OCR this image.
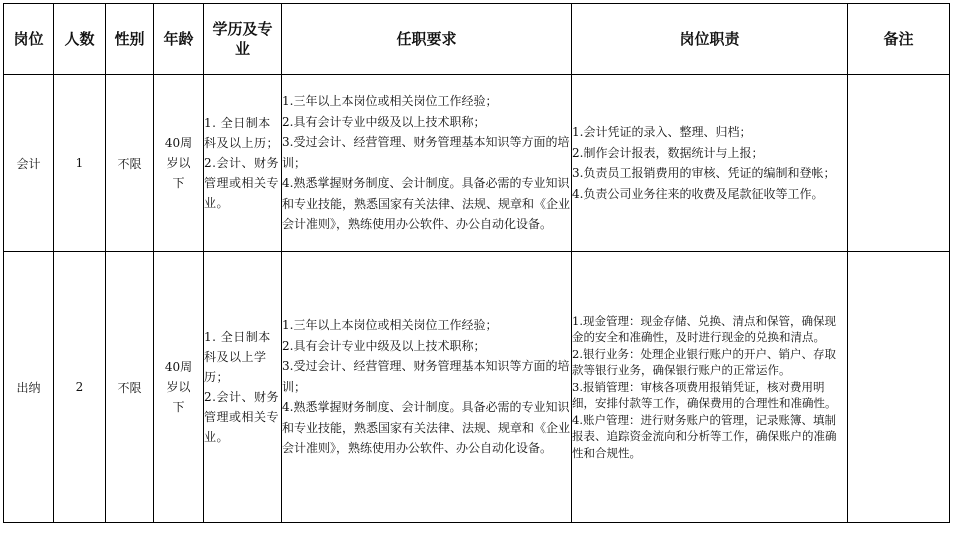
岗位	人数	性别	年龄	学历及专业	任职要求	岗位职责	备注
会计	1	不限	40周岁以下	1. 全日制本科及以上历；
2.会计、财务管理或相关专业。	1.三年以上本岗位或相关岗位工作经验；
2.具有会计专业中级及以上技术职称；
3.受过会计、经营管理、财务管理基本知识等方面的培训；
4.熟悉掌握财务制度、会计制度。具备必需的专业知识和专业技能，熟悉国家有关法律、法规、规章和《企业会计准则》，熟练使用办公软件、办公自动化设备。	1.会计凭证的录入、整理、归档；
2.制作会计报表，数据统计与上报；
3.负责员工报销费用的审核、凭证的编制和登帐；
4.负责公司业务往来的收费及尾款征收等工作。	

出纳	2	不限	40周岁以下	1. 全日制本科及以上学历；
2.会计、财务管理或相关专业。	1.三年以上本岗位或相关岗位工作经验；
2.具有会计专业中级及以上技术职称；
3.受过会计、经营管理、财务管理基本知识等方面的培训；
4.熟悉掌握财务制度、会计制度。具备必需的专业知识和专业技能，熟悉国家有关法律、法规、规章和《企业会计准则》，熟练使用办公软件、办公自动化设备。	1.现金管理：现金存储、兑换、清点和保管，确保现金的安全和准确性，及时进行现金的兑换和清点。
2.银行业务：处理企业银行账户的开户、销户、存取款等银行业务，确保银行账户的正常运作。
3.报销管理：审核各项费用报销凭证，核对费用明细，安排付款等工作，确保费用的合理性和准确性。
4.账户管理：进行财务账户的管理，记录账簿、填制报表、追踪资金流向和分析等工作，确保账户的准确性和合规性。	
